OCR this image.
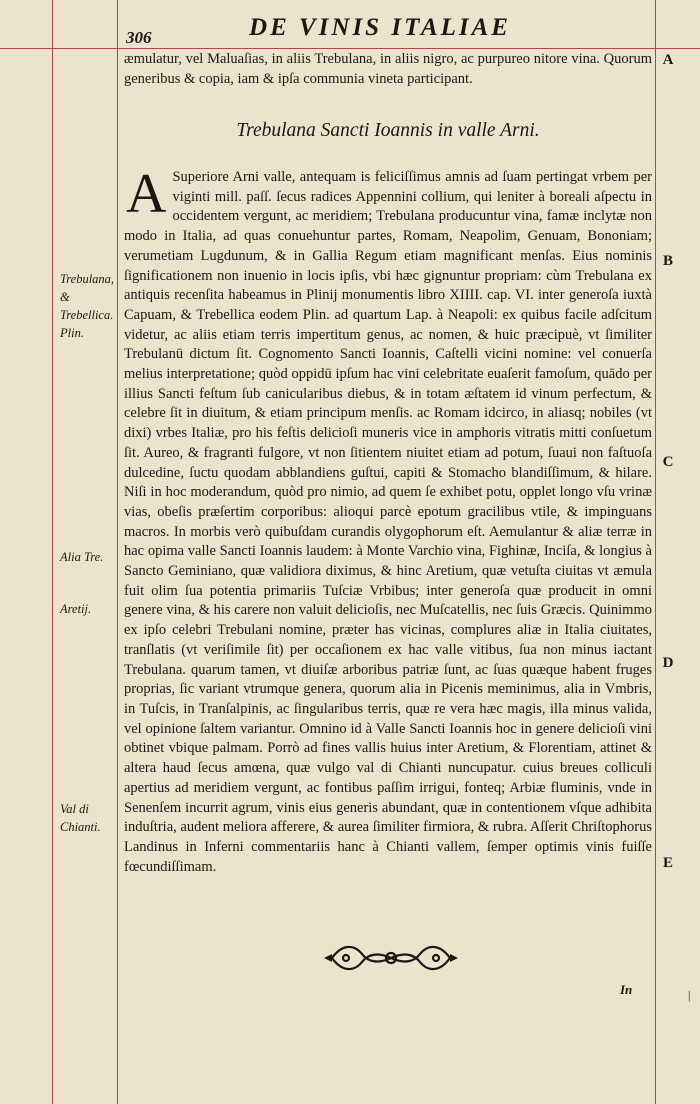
306	DE VINIS ITALIAE
æmulatur, vel Maluaſias, in aliis Trebulana, in aliis nigro, ac purpureo nitore vina. Quorum generibus & copia, iam & ipſa communia vineta participant.
Trebulana Sancti Ioannis in valle Arni.
A Superiore Arni valle, antequam is feliciſſimus amnis ad ſuam pertingat vrbem per viginti mill. paſſ. ſecus radices Appennini collium, qui leniter à boreali aſpectu in occidentem vergunt, ac meridiem; Trebulana producuntur vina, famæ inclytæ non modo in Italia, ad quas conuehuntur partes, Romam, Neapolim, Genuam, Bononiam; verumetiam Lugdunum, & in Gallia Regum etiam magnificant menſas. Eius nominis ſignificationem non inuenio in locis ipſis, vbi hæc gignuntur propriam: cùm Trebulana ex antiquis recenſita habeamus in Plinij monumentis libro XIIII. cap. VI. inter generoſa iuxtà Capuam, & Trebellica eodem Plin. ad quartum Lap. à Neapoli: ex quibus facile adſcitum videtur, ac aliis etiam terris impertitum genus, ac nomen, & huic præcipuè, vt ſimiliter Trebulanū dictum ſit. Cognomento Sancti Ioannis, Caſtelli vicini nomine: vel conuerſa melius interpretatione; quòd oppidū ipſum hac vini celebritate euaſerit famoſum, quādo per illius Sancti feſtum ſub canicularibus diebus, & in totam æſtatem id vinum perfectum, & celebre ſit in diuitum, & etiam principum menſis. ac Romam idcirco, in aliasq; nobiles (vt dixi) vrbes Italiæ, pro his feſtis delicioſi muneris vice in amphoris vitratis mitti conſuetum ſit. Aureo, & fragranti fulgore, vt non ſitientem niuitet etiam ad potum, ſuaui non faſtuoſa dulcedine, ſuctu quodam abblandiens guſtui, capiti & Stomacho blandiſſimum, & hilare. Niſi in hoc moderandum, quòd pro nimio, ad quem ſe exhibet potu, opplet longo vſu vrinæ vias, obeſis præſertim corporibus: alioqui parcè epotum gracilibus vtile, & impinguans macros. In morbis verò quibuſdam curandis olygophorum eſt. Aemulantur & aliæ terræ in hac opima valle Sancti Ioannis laudem: à Monte Varchio vina, Fighinæ, Inciſa, & longius à Sancto Geminiano, quæ validiora diximus, & hinc Aretium, quæ vetuſta ciuitas vt æmula fuit olim ſua potentia primariis Tuſciæ Vrbibus; inter generoſa quæ producit in omni genere vina, & his carere non valuit delicioſis, nec Muſcatellis, nec ſuis Græcis. Quinimmo ex ipſo celebri Trebulani nomine, præter has vicinas, complures aliæ in Italia ciuitates, tranſlatis (vt veriſimile ſit) per occaſionem ex hac valle vitibus, ſua non minus iactant Trebulana. quarum tamen, vt diuiſæ arboribus patriæ ſunt, ac ſuas quæque habent fruges proprias, ſic variant vtrumque genera, quorum alia in Picenis meminimus, alia in Vmbris, in Tuſcis, in Tranſalpinis, ac ſingularibus terris, quæ re vera hæc magis, illa minus valida, vel opinione ſaltem variantur. Omnino id à Valle Sancti Ioannis hoc in genere delicioſi vini obtinet vbique palmam. Porrò ad fines vallis huius inter Aretium, & Florentiam, attinet & altera haud ſecus amœna, quæ vulgo val di Chianti nuncupatur. cuius breues colliculi apertius ad meridiem vergunt, ac fontibus paſſim irrigui, fonteq; Arbiæ fluminis, vnde in Senenſem incurrit agrum, vinis eius generis abundant, quæ in contentionem vſque adhibita induſtria, audent meliora afferere, & aurea ſimiliter firmiora, & rubra. Aſſerit Chriſtophorus Landinus in Inferni commentariis hanc à Chianti vallem, ſemper optimis vinis fuiſſe fœcundiſſimam.
Trebulana, & Trebellica. Plin.
Alia Tre.
Aretij.
Val di Chianti.
A
B
C
D
E
In	|
